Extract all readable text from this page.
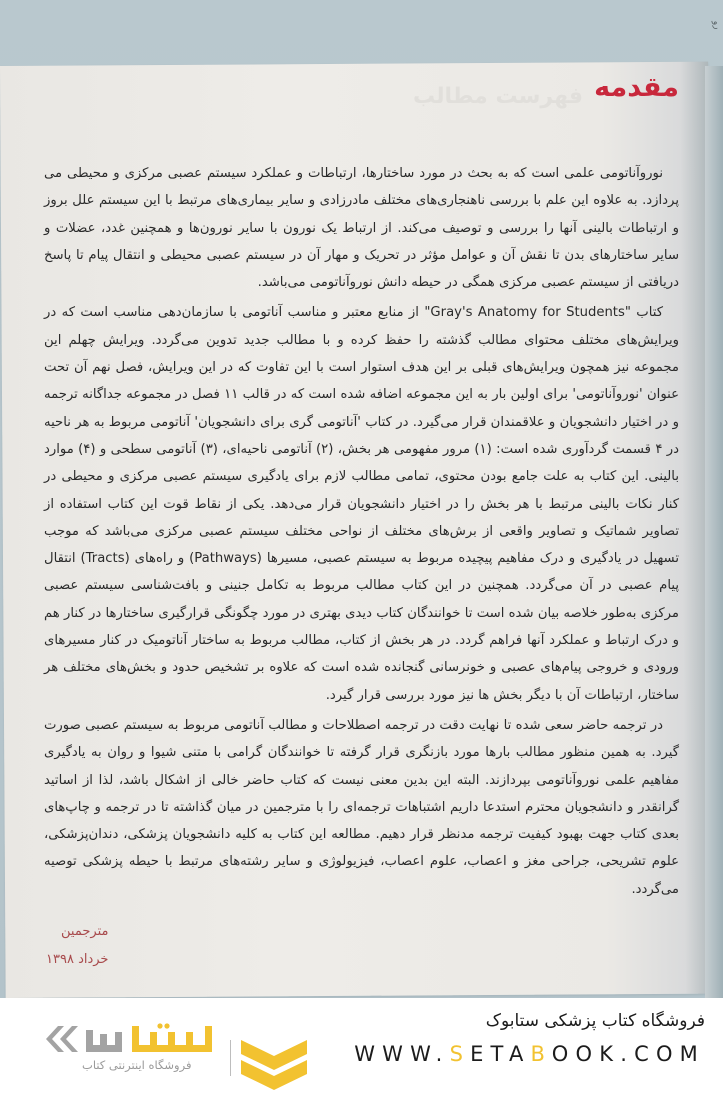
رو
فهرست مطالب مقدمه

نوروآناتومی علمی است که به بحث در مورد ساختارها، ارتباطات و عملکرد سیستم عصبی مرکزی و محیطی می پردازد. به علاوه این علم با بررسی ناهنجاری‌های مختلف مادرزادی و سایر بیماری‌های مرتبط با این سیستم علل بروز و ارتباطات بالینی آنها را بررسی و توصیف می‌کند. از ارتباط یک نورون با سایر نورون‌ها و همچنین غدد، عضلات و سایر ساختارهای بدن تا نقش آن و عوامل مؤثر در تحریک و مهار آن در سیستم عصبی محیطی و انتقال پیام تا پاسخ دریافتی از سیستم عصبی مرکزی همگی در حیطه دانش نوروآناتومی می‌باشد.

کتاب "Gray's Anatomy for Students" از منابع معتبر و مناسب آناتومی با سازمان‌دهی مناسب است که در ویرایش‌های مختلف محتوای مطالب گذشته را حفظ کرده و با مطالب جدید تدوین می‌گردد. ویرایش چهلم این مجموعه نیز همچون ویرایش‌های قبلی بر این هدف استوار است با این تفاوت که در این ویرایش، فصل نهم آن تحت عنوان 'نوروآناتومی' برای اولین بار به این مجموعه اضافه شده است که در قالب ۱۱ فصل در مجموعه جداگانه ترجمه و در اختیار دانشجویان و علاقمندان قرار می‌گیرد. در کتاب 'آناتومی گری برای دانشجویان' آناتومی مربوط به هر ناحیه در ۴ قسمت گردآوری شده است: (۱) مرور مفهومی هر بخش، (۲) آناتومی ناحیه‌ای، (۳) آناتومی سطحی و (۴) موارد بالینی. این کتاب به علت جامع بودن محتوی، تمامی مطالب لازم برای یادگیری سیستم عصبی مرکزی و محیطی در کنار نکات بالینی مرتبط با هر بخش را در اختیار دانشجویان قرار می‌دهد. یکی از نقاط قوت این کتاب استفاده از تصاویر شماتیک و تصاویر واقعی از برش‌های مختلف از نواحی مختلف سیستم عصبی مرکزی می‌باشد که موجب تسهیل در یادگیری و درک مفاهیم پیچیده مربوط به سیستم عصبی، مسیرها (Pathways) و راه‌های (Tracts) انتقال پیام عصبی در آن می‌گردد. همچنین در این کتاب مطالب مربوط به تکامل جنینی و بافت‌شناسی سیستم عصبی مرکزی به‌طور خلاصه بیان شده است تا خوانندگان کتاب دیدی بهتری در مورد چگونگی قرارگیری ساختارها در کنار هم و درک ارتباط و عملکرد آنها فراهم گردد. در هر بخش از کتاب، مطالب مربوط به ساختار آناتومیک در کنار مسیرهای ورودی و خروجی پیام‌های عصبی و خونرسانی گنجانده شده است که علاوه بر تشخیص حدود و بخش‌های مختلف هر ساختار، ارتباطات آن با دیگر بخش ها نیز مورد بررسی قرار گیرد.

در ترجمه حاضر سعی شده تا نهایت دقت در ترجمه اصطلاحات و مطالب آناتومی مربوط به سیستم عصبی صورت گیرد. به همین منظور مطالب بارها مورد بازنگری قرار گرفته تا خوانندگان گرامی با متنی شیوا و روان به یادگیری مفاهیم علمی نوروآناتومی بپردازند. البته این بدین معنی نیست که کتاب حاضر خالی از اشکال باشد، لذا از اساتید گرانقدر و دانشجویان محترم استدعا داریم اشتباهات ترجمه‌ای را با مترجمین در میان گذاشته تا در ترجمه و چاپ‌های بعدی کتاب جهت بهبود کیفیت ترجمه مدنظر قرار دهیم. مطالعه این کتاب به کلیه دانشجویان پزشکی، دندان‌پزشکی، علوم تشریحی، جراحی مغز و اعصاب، علوم اعصاب، فیزیولوژی و سایر رشته‌های مرتبط با حیطه پزشکی توصیه می‌گردد.

مترجمین
خرداد ۱۳۹۸
فروشگاه اینترنتی کتاب
فروشگاه کتاب پزشکی ستابوک
WWW.SETABOOK.COM
